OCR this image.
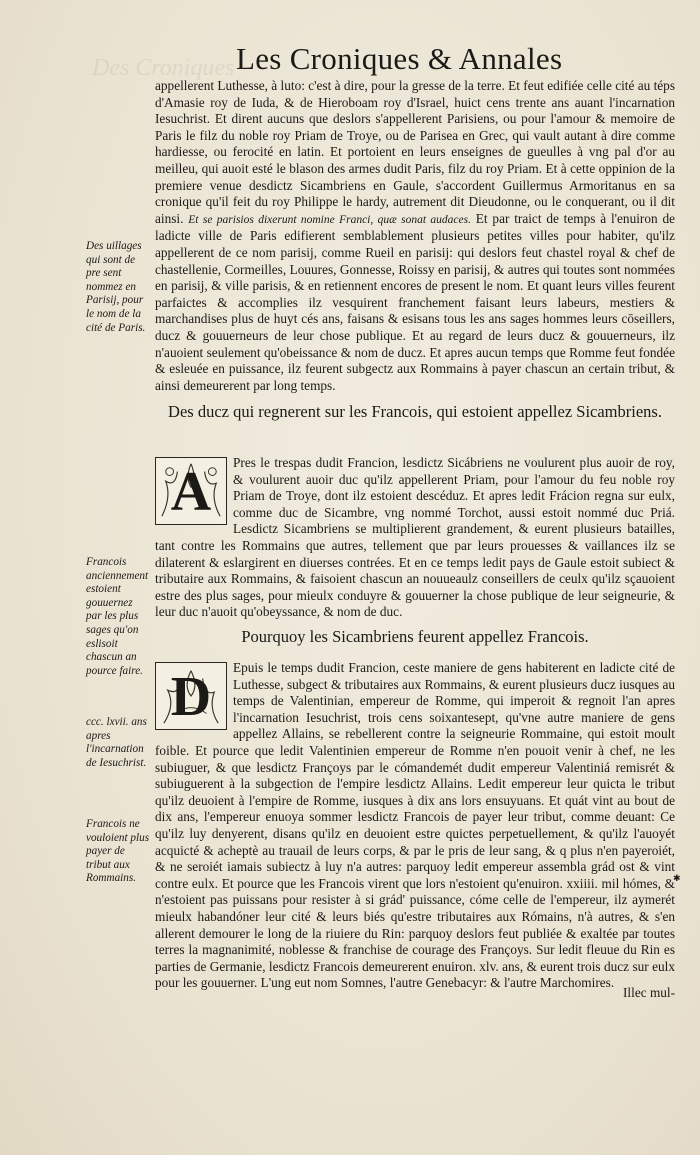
Des Croniques Les Croniques & Annales

appellerent Luthesse, à luto: c'est à dire, pour la gresse de la terre. Et feut edifiée celle cité au téps d'Amasie roy de Iuda, & de Hieroboam roy d'Israel, huict cens trente ans auant l'incarnation Iesuchrist. Et dirent aucuns que deslors s'appellerent Parisiens, ou pour l'amour & memoire de Paris le filz du noble roy Priam de Troye, ou de Parisea en Grec, qui vault autant à dire comme hardiesse, ou ferocité en latin. Et portoient en leurs enseignes de gueulles à vng pal d'or au meilleu, qui auoit esté le blason des armes dudit Paris, filz du roy Priam. Et à cette oppinion de la premiere venue desdictz Sicambriens en Gaule, s'accordent Guillermus Armoritanus en sa cronique qu'il feit du roy Philippe le hardy, autrement dit Dieudonne, ou le conquerant, ou il dit ainsi. Et se parisios dixerunt nomine Franci, quæ sonat audaces. Et par traict de temps à l'enuiron de ladicte ville de Paris edifierent semblablement plusieurs petites villes pour habiter, qu'ilz appellerent de ce nom parisij, comme Rueil en parisij: qui deslors feut chastel royal & chef de chastellenie, Cormeilles, Louures, Gonnesse, Roissy en parisij, & autres qui toutes sont nommées en parisij, & ville parisis, & en retiennent encores de present le nom. Et quant leurs villes feurent parfaictes & accomplies ilz vesquirent franchement faisant leurs labeurs, mestiers & marchandises plus de huyt cés ans, faisans & esisans tous les ans sages hommes leurs cōseillers, ducz & gouuerneurs de leur chose publique. Et au regard de leurs ducz & gouuerneurs, ilz n'auoient seulement qu'obeissance & nom de ducz. Et apres aucun temps que Romme feut fondée & esleuée en puissance, ilz feurent subgectz aux Rommains à payer chascun an certain tribut, & ainsi demeurerent par long temps.

Des uillages qui sont de pre sent nommez en Parisij, pour le nom de la cité de Paris.

Des ducz qui regnerent sur les Francois, qui estoient appellez Sicambriens.

A	Pres le trespas dudit Francion, lesdictz Sicábriens ne voulurent plus auoir de roy, & voulurent auoir duc qu'ilz appellerent Priam, pour l'amour du feu noble roy Priam de Troye, dont ilz estoient descéduz. Et apres ledit Frácion regna sur eulx, comme duc de Sicambre, vng nommé Torchot, aussi estoit nommé duc Priá. Lesdictz Sicambriens se multiplierent grandement, & eurent plusieurs batailles, tant contre les Rommains que autres, tellement que par leurs prouesses & vaillances ilz se dilaterent & eslargirent en diuerses contrées. Et en ce temps ledit pays de Gaule estoit subiect & tributaire aux Rommains, & faisoient chascun an nouueaulz conseillers de ceulx qu'ilz sçauoient estre des plus sages, pour mieulx conduyre & gouuerner la chose publique de leur seigneurie, & leur duc n'auoit qu'obeyssance, & nom de duc.

Francois anciennement estoient gouuernez par les plus sages qu'on eslisoit chascun an pource faire.

Pourquoy les Sicambriens feurent appellez Francois.

D	Epuis le temps dudit Francion, ceste maniere de gens habiterent en ladicte cité de Luthesse, subgect & tributaires aux Rommains, & eurent plusieurs ducz iusques au temps de Valentinian, empereur de Romme, qui imperoit & regnoit l'an apres l'incarnation Iesuchrist, trois cens soixantesept, qu'vne autre maniere de gens appellez Allains, se rebellerent contre la seigneurie Rommaine, qui estoit moult foible. Et pource que ledit Valentinien empereur de Romme n'en pouoit venir à chef, ne les subiuguer, & que lesdictz Françoys par le cómandemét dudit empereur Valentiniá remisrét & subiuguerent à la subgection de l'empire lesdictz Allains. Ledit empereur leur quicta le tribut qu'ilz deuoient à l'empire de Romme, iusques à dix ans lors ensuyuans. Et quát vint au bout de dix ans, l'empereur enuoya sommer lesdictz Francois de payer leur tribut, comme deuant: Ce qu'ilz luy denyerent, disans qu'ilz en deuoient estre quictes perpetuellement, & qu'ilz l'auoyét acquicté & acheptè au trauail de leurs corps, & par le pris de leur sang, & q plus n'en payeroiét, & ne seroiét iamais subiectz à luy n'a autres: parquoy ledit empereur assembla grád ost & vint contre eulx. Et pource que les Francois virent que lors n'estoient qu'enuiron. xxiiii. mil hómes, & n'estoient pas puissans pour resister à si grád' puissance, cóme celle de l'empereur, ilz aymerét mieulx habandóner leur cité & leurs biés qu'estre tributaires aux Rómains, n'à autres, & s'en allerent demourer le long de la riuiere du Rin: parquoy deslors feut publiée & exaltée par toutes terres la magnanimité, noblesse & franchise de courage des Françoys. Sur ledit fleuue du Rin es parties de Germanie, lesdictz Francois demeurerent enuiron. xlv. ans, & eurent trois ducz sur eulx pour les gouuerner. L'ung eut nom Somnes, l'autre Genebacyr: & l'autre Marchomires.

ccc. lxvii. ans apres l'incarnation de Iesuchrist.

Francois ne vouloient plus payer de tribut aux Rommains.	✱
Illec mul-
